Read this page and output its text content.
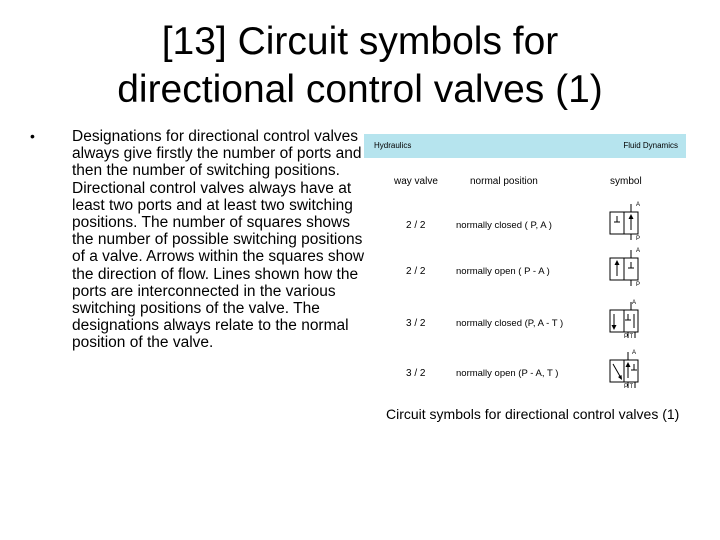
[13] Circuit symbols for
directional control valves (1)
• Designations for directional control valves always give firstly the number of ports and then the number of switching positions. Directional control valves always have at least two ports and at least two switching positions. The number of squares shows the number of possible switching positions of a valve. Arrows within the squares show the direction of flow. Lines shown how the ports are interconnected in the various switching positions of the valve. The designations always relate to the normal position of the valve.
Hydraulics	Fluid Dynamics
way valve	normal position	symbol
2 / 2	normally closed ( P, A )
A
P
2 / 2	normally open ( P - A )
A
P
3 / 2	normally closed (P, A - T )
A
P T
3 / 2	normally open (P - A, T )
A
P T
Circuit symbols for directional control valves (1)
